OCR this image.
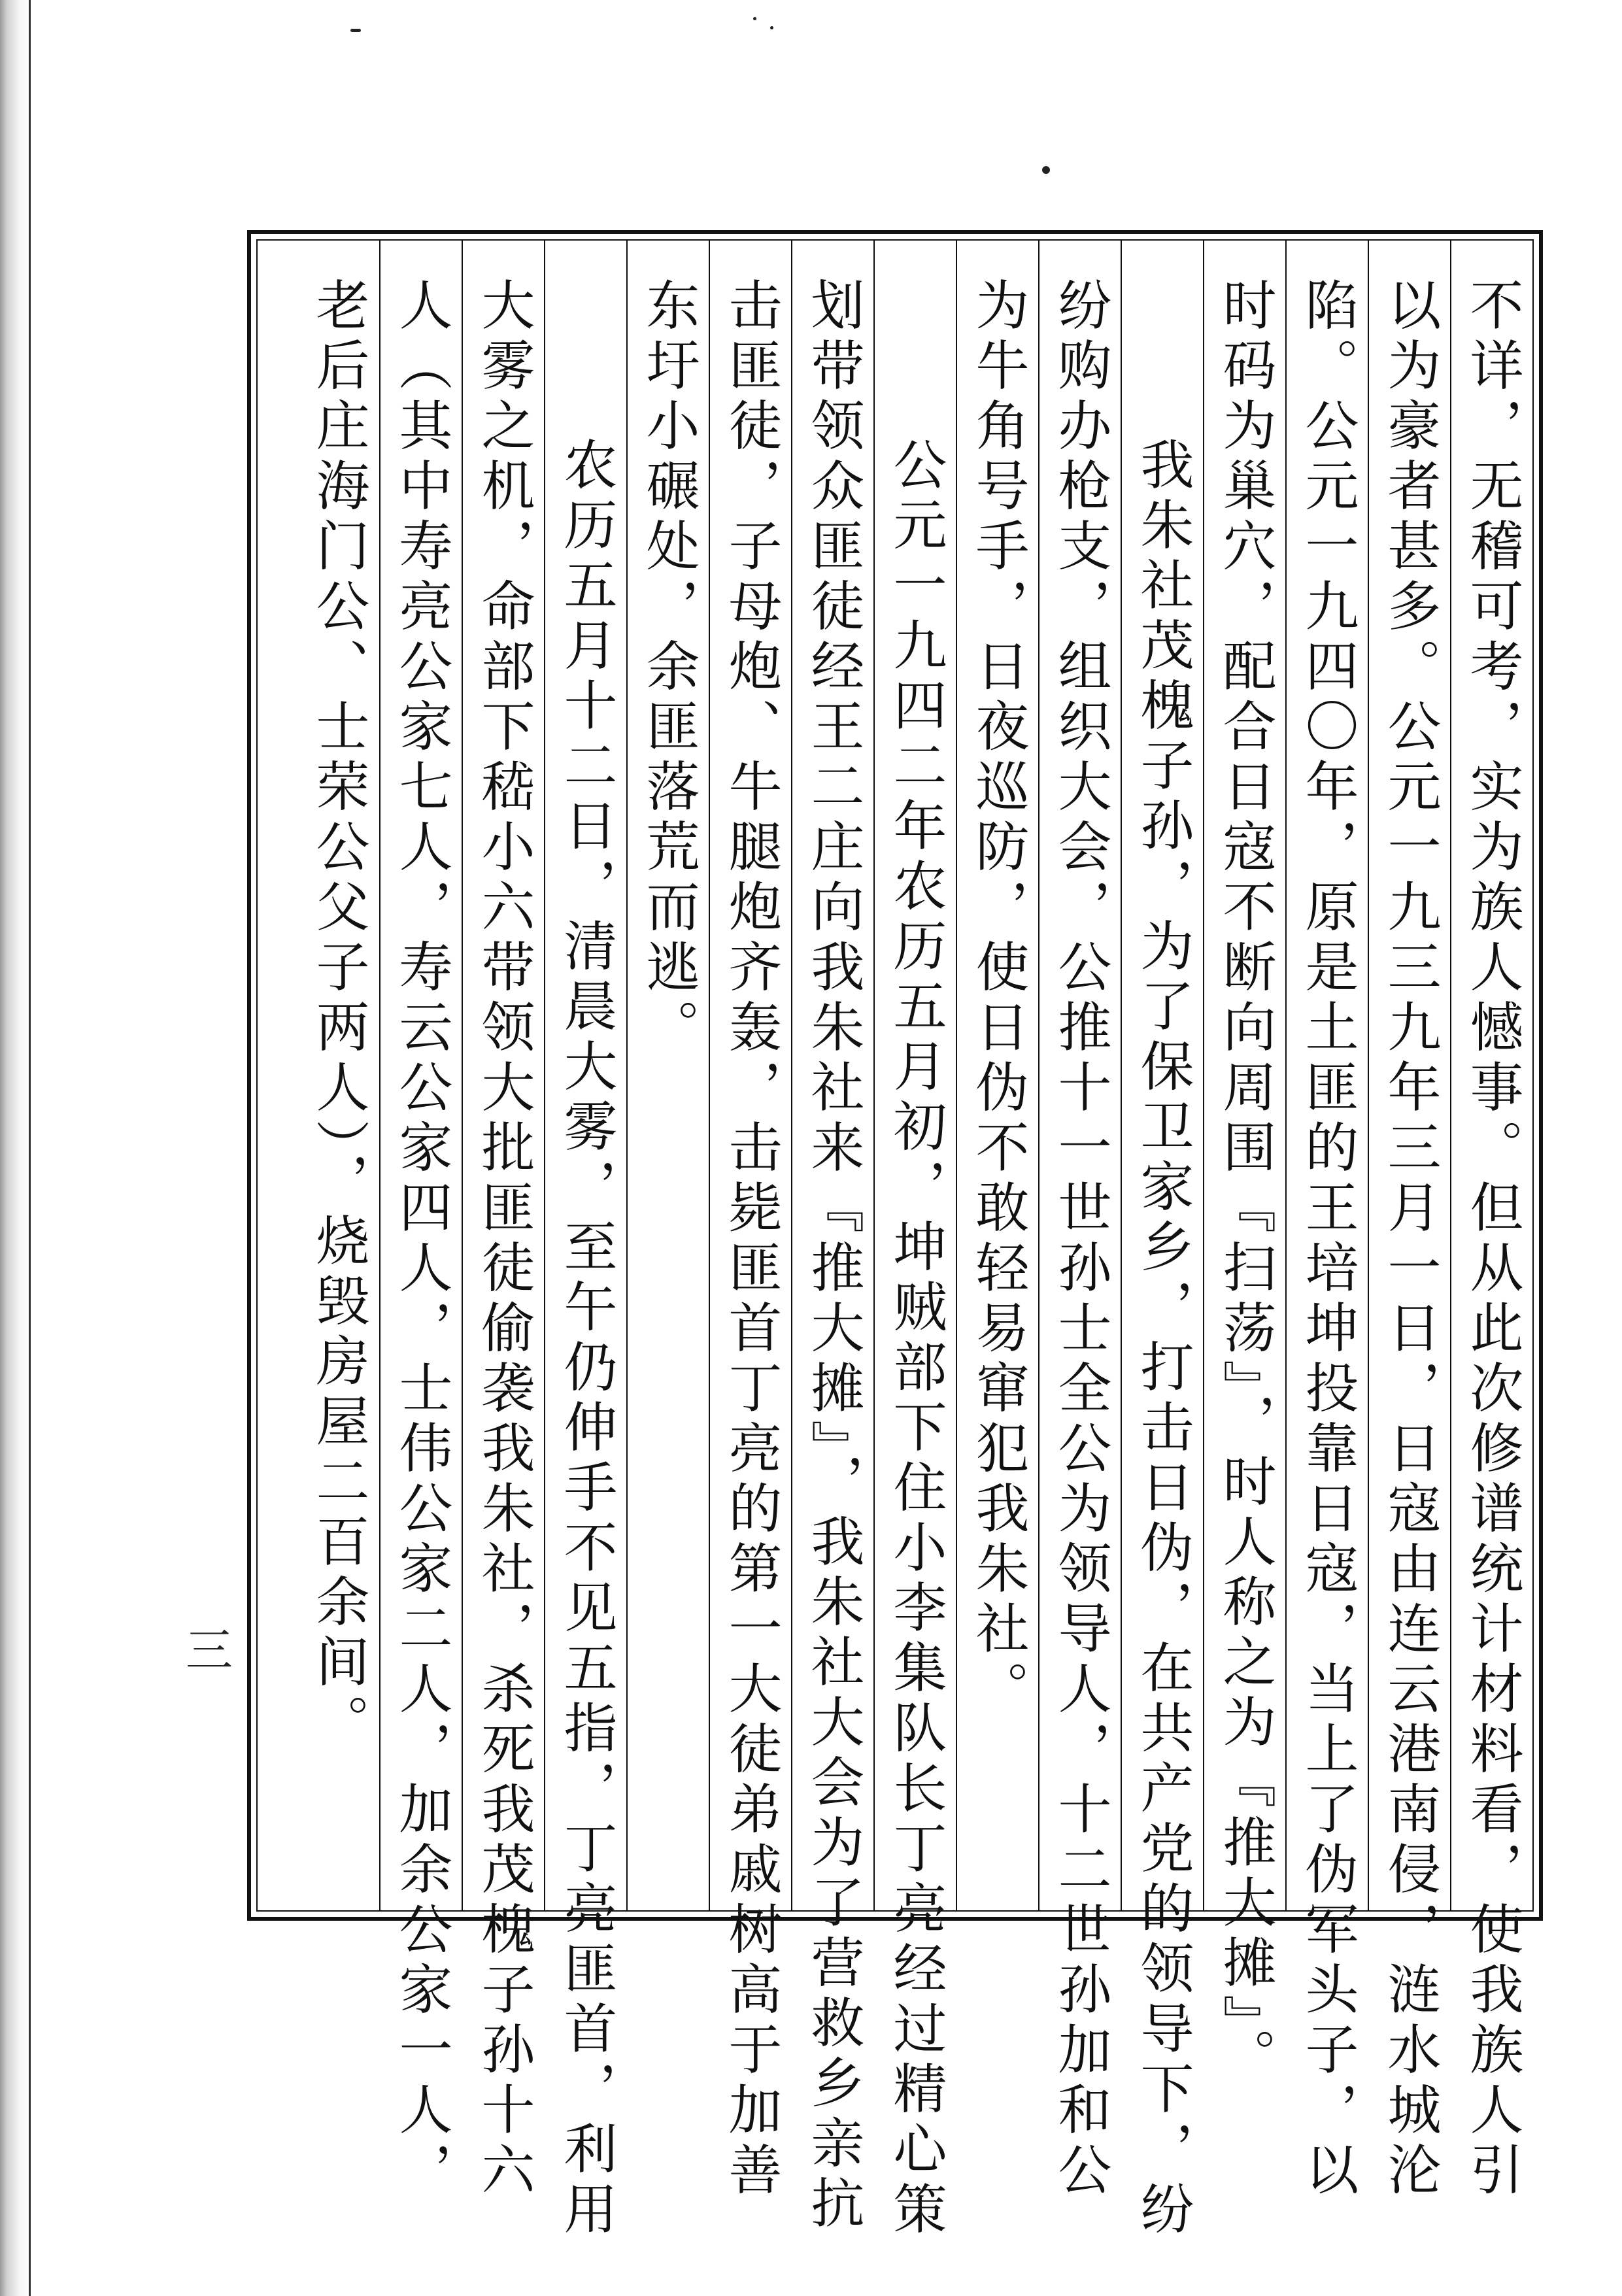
不详，无稽可考，实为族人憾事。但从此次修谱统计材料看，使我族人引
以为豪者甚多。公元一九三九年三月一日，日寇由连云港南侵，涟水城沦
陷。公元一九四〇年，原是土匪的王培坤投靠日寇，当上了伪军头子，以
时码为巢穴，配合日寇不断向周围『扫荡』，时人称之为『推大摊』。
我朱社茂槐子孙，为了保卫家乡，打击日伪，在共产党的领导下，纷
纷购办枪支，组织大会，公推十一世孙士全公为领导人，十二世孙加和公
为牛角号手，日夜巡防，使日伪不敢轻易窜犯我朱社。
公元一九四二年农历五月初，坤贼部下住小李集队长丁亮经过精心策
划带领众匪徒经王二庄向我朱社来『推大摊』，我朱社大会为了营救乡亲抗
击匪徒，子母炮、牛腿炮齐轰，击毙匪首丁亮的第一大徒弟戚树高于加善
东圩小碾处，余匪落荒而逃。
农历五月十二日，清晨大雾，至午仍伸手不见五指，丁亮匪首，利用
大雾之机，命部下嵇小六带领大批匪徒偷袭我朱社，杀死我茂槐子孙十六
人（其中寿亮公家七人，寿云公家四人，士伟公家二人，加余公家一人，
老后庄海门公、士荣公父子两人），烧毁房屋二百余间。
三
